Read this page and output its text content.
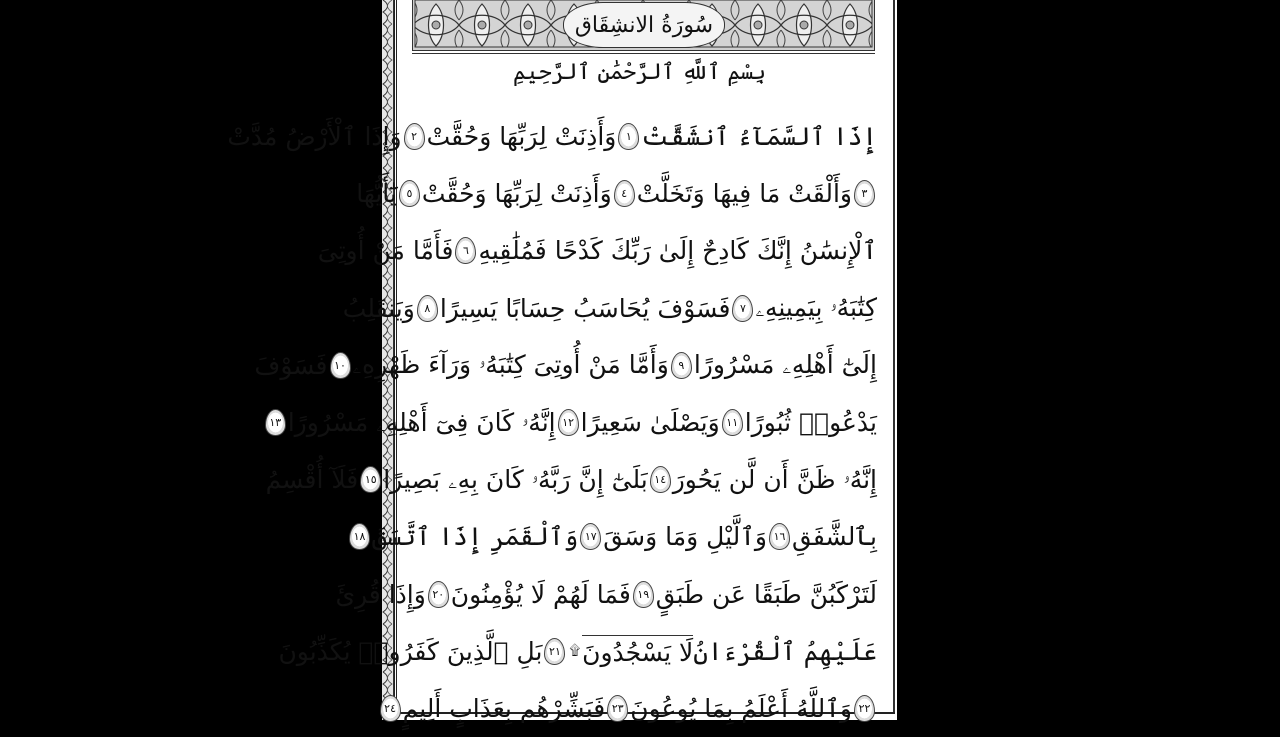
سُورَةُ الانشِقَاق
بِسْمِ ٱللَّهِ ٱلرَّحْمَٰنِ ٱلرَّحِيمِ
إِذَا ٱلسَّمَآءُ ٱنشَقَّتْ
١
وَأَذِنَتْ لِرَبِّهَا وَحُقَّتْ
٢
وَإِذَا ٱلْأَرْضُ مُدَّتْ
٣
وَأَلْقَتْ مَا فِيهَا وَتَخَلَّتْ
٤
وَأَذِنَتْ لِرَبِّهَا وَحُقَّتْ
٥
يَٰٓأَيُّهَا
ٱلْإِنسَٰنُ إِنَّكَ كَادِحٌ إِلَىٰ رَبِّكَ كَدْحًا فَمُلَٰقِيهِ
٦
فَأَمَّا مَنْ أُوتِىَ
كِتَٰبَهُۥ بِيَمِينِهِۦ
٧
فَسَوْفَ يُحَاسَبُ حِسَابًا يَسِيرًا
٨
وَيَنقَلِبُ
إِلَىٰٓ أَهْلِهِۦ مَسْرُورًا
٩
وَأَمَّا مَنْ أُوتِىَ كِتَٰبَهُۥ وَرَآءَ ظَهْرِهِۦ
١٠
فَسَوْفَ
يَدْعُوا۟ ثُبُورًا
١١
وَيَصْلَىٰ سَعِيرًا
١٢
إِنَّهُۥ كَانَ فِىٓ أَهْلِهِۦ مَسْرُورًا
١٣
إِنَّهُۥ ظَنَّ أَن لَّن يَحُورَ
١٤
بَلَىٰٓ إِنَّ رَبَّهُۥ كَانَ بِهِۦ بَصِيرًا
١٥
فَلَآ أُقْسِمُ
بِٱلشَّفَقِ
١٦
وَٱلَّيْلِ وَمَا وَسَقَ
١٧
وَٱلْقَمَرِ إِذَا ٱتَّسَقَ
١٨
لَتَرْكَبُنَّ طَبَقًا عَن طَبَقٍ
١٩
فَمَا لَهُمْ لَا يُؤْمِنُونَ
٢٠
وَإِذَا قُرِئَ
عَلَيْهِمُ ٱلْقُرْءَانُ
لَا يَسْجُدُونَ
۩
٢١
بَلِ ٱلَّذِينَ كَفَرُوا۟ يُكَذِّبُونَ
٢٢
وَٱللَّهُ أَعْلَمُ بِمَا يُوعُونَ
٢٣
فَبَشِّرْهُم بِعَذَابٍ أَلِيمٍ
٢٤
